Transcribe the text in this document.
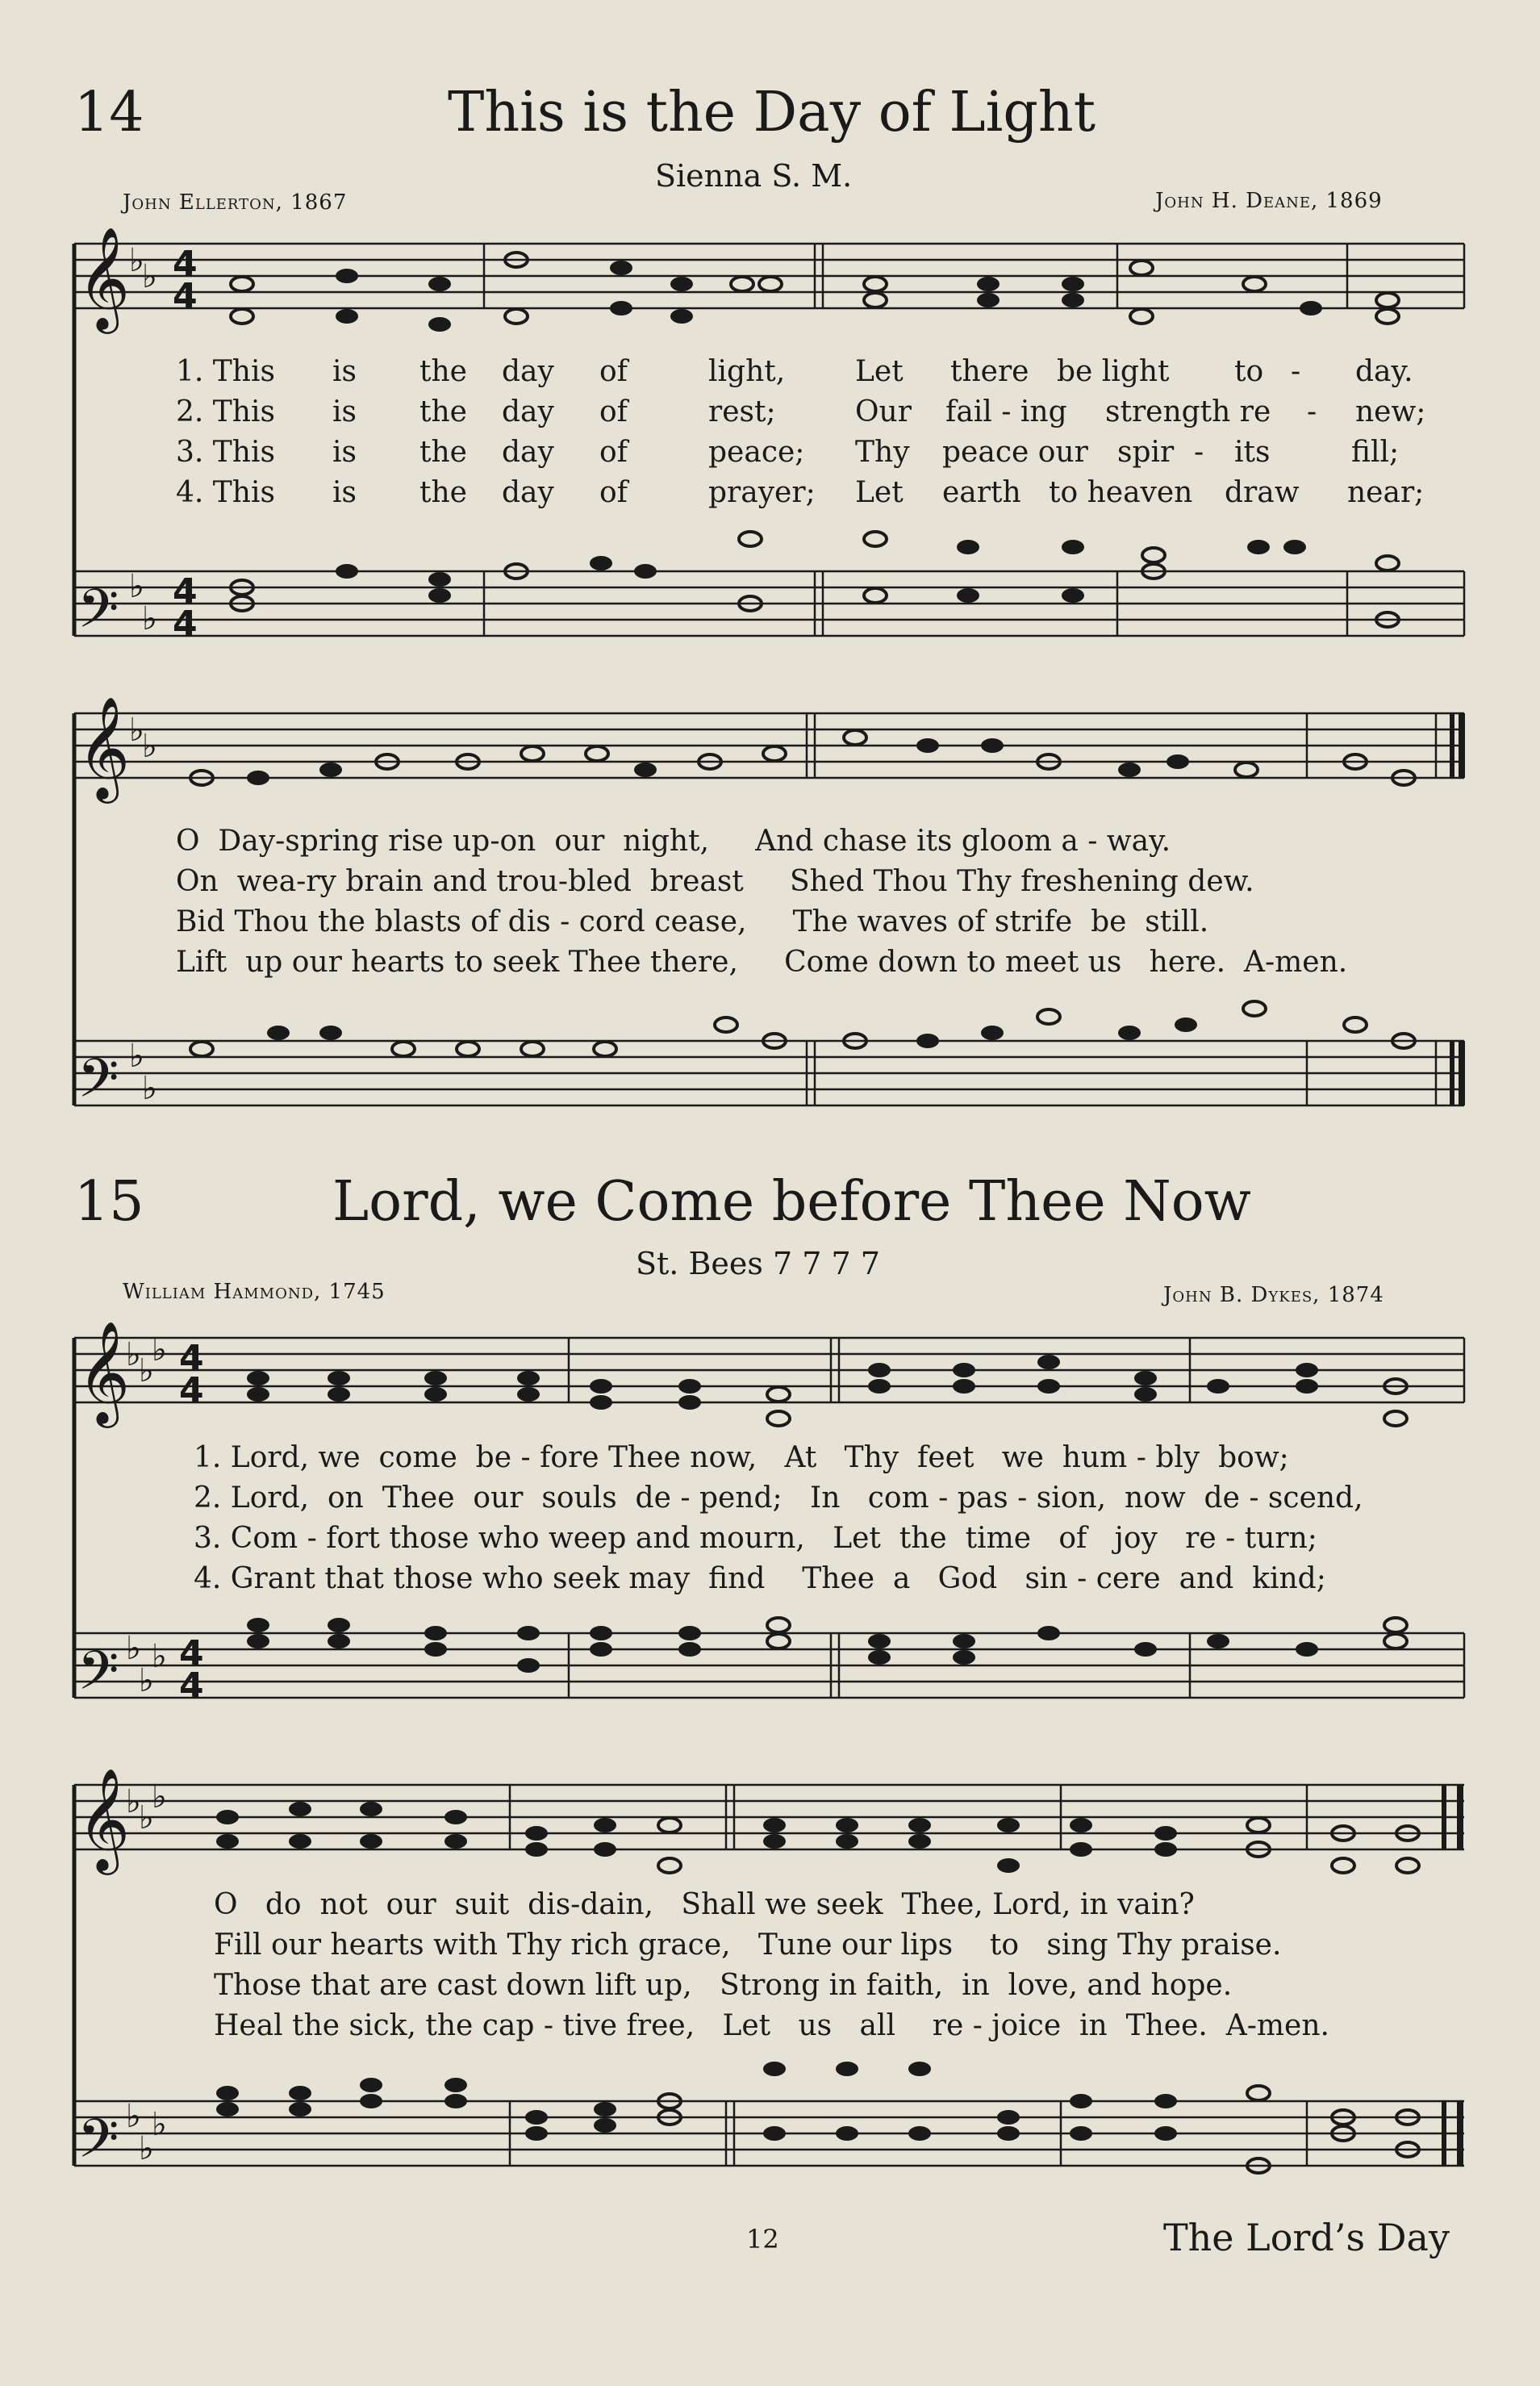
14	This is the Day of Light
Sienna S. M.
John Ellerton, 1867	John H. Deane, 1869
𝄞
𝄢
𝄞
𝄢
♭
♭
♭
♭
♭
♭
♭
♭
4
4
4
4
1. This is the day of	light, Let there be light to - day.
2. This is the day of	rest;	Our fail - ing strength re - new;
3. This is the day of	peace; Thy peace our spir - its	fill;
4. This is the day of	prayer; Let earth to heaven draw near;
O  Day-spring rise up-on  our  night,     And chase its gloom a - way.
On  wea-ry brain and trou-bled  breast     Shed Thou Thy freshening dew.
Bid Thou the blasts of dis - cord cease,     The waves of strife  be  still.
Lift  up our hearts to seek Thee there,     Come down to meet us   here.  A-men.
15	Lord, we Come before Thee Now
St. Bees 7 7 7 7
William Hammond, 1745	John B. Dykes, 1874
𝄞
𝄢
𝄞
𝄢
♭
♭
♭
♭
♭
♭
♭
♭
♭
♭
♭
♭
4
4
4
4
1. Lord, we  come  be - fore Thee now,   At   Thy  feet   we  hum - bly  bow;
2. Lord,  on  Thee  our  souls  de - pend;   In   com - pas - sion,  now  de - scend,
3. Com - fort those who weep and mourn,   Let  the  time   of   joy   re - turn;
4. Grant that those who seek may  find    Thee  a   God   sin - cere  and  kind;
O   do  not  our  suit  dis-dain,   Shall we seek  Thee, Lord, in vain?
Fill our hearts with Thy rich grace,   Tune our lips    to   sing Thy praise.
Those that are cast down lift up,   Strong in faith,  in  love, and hope.
Heal the sick, the cap - tive free,   Let   us   all    re - joice  in  Thee.  A-men.
12	The Lord’s Day
